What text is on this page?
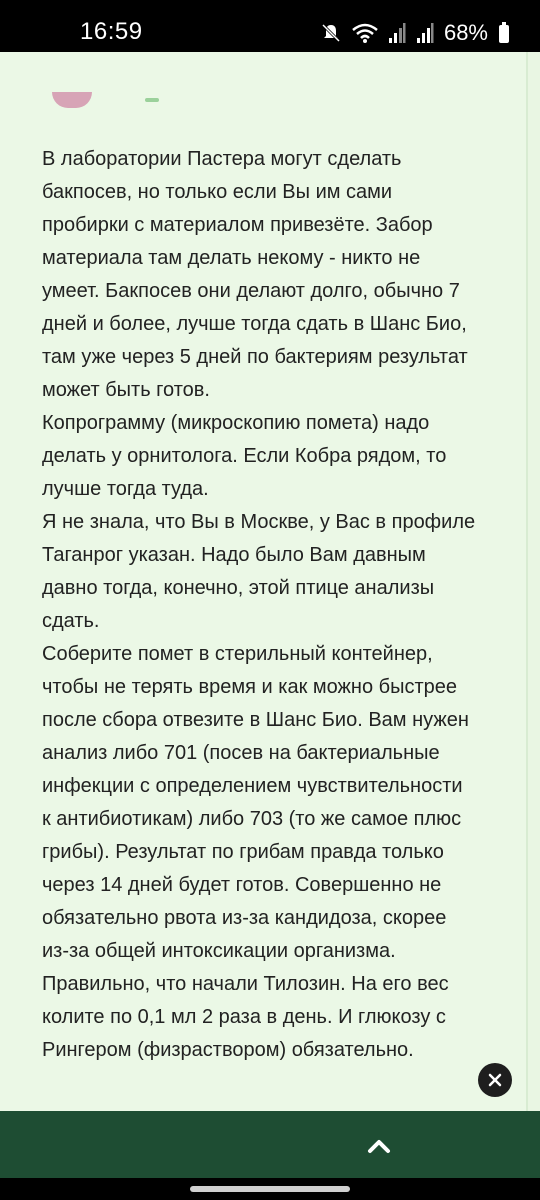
16:59	68%
В лаборатории Пастера могут сделать
бакпосев, но только если Вы им сами
пробирки с материалом привезёте. Забор
материала там делать некому - никто не
умеет. Бакпосев они делают долго, обычно 7
дней и более, лучше тогда сдать в Шанс Био,
там уже через 5 дней по бактериям результат
может быть готов.
Копрограмму (микроскопию помета) надо
делать у орнитолога. Если Кобра рядом, то
лучше тогда туда.
Я не знала, что Вы в Москве, у Вас в профиле
Таганрог указан. Надо было Вам давным
давно тогда, конечно, этой птице анализы
сдать.
Соберите помет в стерильный контейнер,
чтобы не терять время и как можно быстрее
после сбора отвезите в Шанс Био. Вам нужен
анализ либо 701 (посев на бактериальные
инфекции с определением чувствительности
к антибиотикам) либо 703 (то же самое плюс
грибы). Результат по грибам правда только
через 14 дней будет готов. Совершенно не
обязательно рвота из-за кандидоза, скорее
из-за общей интоксикации организма.
Правильно, что начали Тилозин. На его вес
колите по 0,1 мл 2 раза в день. И глюкозу с
Рингером (физраствором) обязательно.
